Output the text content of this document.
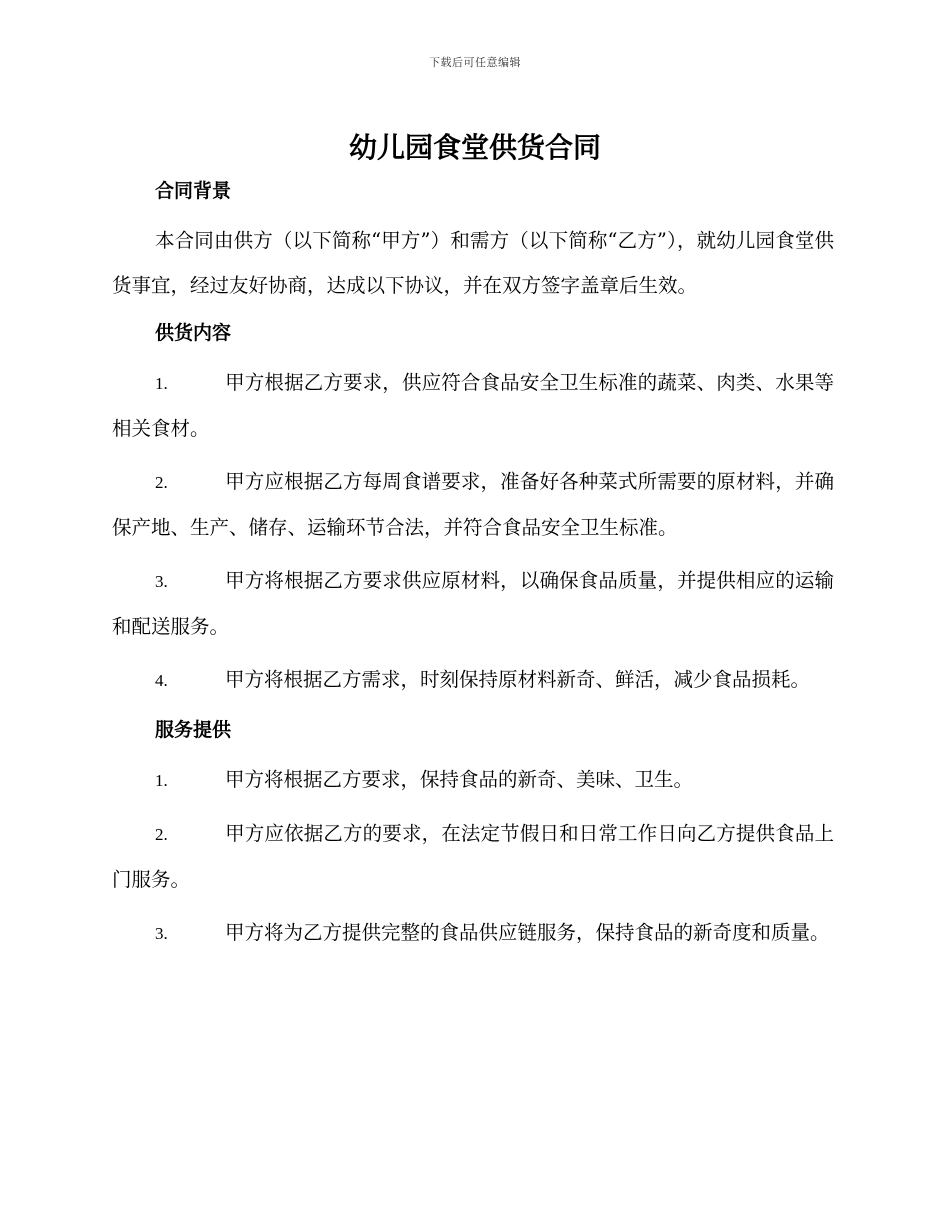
下载后可任意编辑
幼儿园食堂供货合同
合同背景

本合同由供方（以下简称“甲方”）和需方（以下简称“乙方”），就幼儿园食堂供货事宜，经过友好协商，达成以下协议，并在双方签字盖章后生效。

供货内容

1.	甲方根据乙方要求，供应符合食品安全卫生标准的蔬菜、肉类、水果等相关食材。

2.	甲方应根据乙方每周食谱要求，准备好各种菜式所需要的原材料，并确保产地、生产、储存、运输环节合法，并符合食品安全卫生标准。

3.	甲方将根据乙方要求供应原材料，以确保食品质量，并提供相应的运输和配送服务。

4.	甲方将根据乙方需求，时刻保持原材料新奇、鲜活，减少食品损耗。

服务提供

1.	甲方将根据乙方要求，保持食品的新奇、美味、卫生。

2.	甲方应依据乙方的要求，在法定节假日和日常工作日向乙方提供食品上门服务。

3.	甲方将为乙方提供完整的食品供应链服务，保持食品的新奇度和质量。
